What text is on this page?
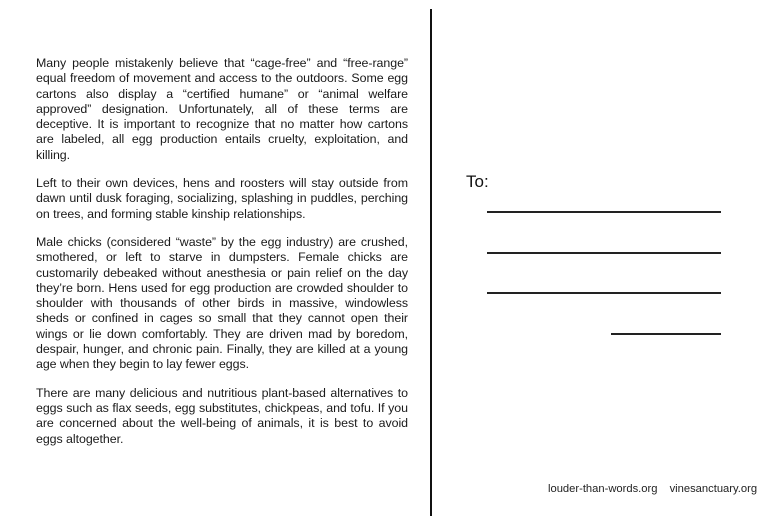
Many people mistakenly believe that “cage-free” and “free-range” equal freedom of movement and access to the outdoors. Some egg cartons also display a “certified humane” or “animal welfare approved” designation. Unfortunately, all of these terms are deceptive. It is important to recognize that no matter how cartons are labeled, all egg production entails cruelty, exploitation, and killing.

Left to their own devices, hens and roosters will stay outside from dawn until dusk foraging, socializing, splashing in puddles, perching on trees, and forming stable kinship relationships.

Male chicks (considered “waste” by the egg industry) are crushed, smothered, or left to starve in dumpsters. Female chicks are customarily debeaked without anesthesia or pain relief on the day they’re born. Hens used for egg production are crowded shoulder to shoulder with thousands of other birds in massive, windowless sheds or confined in cages so small that they cannot open their wings or lie down comfortably. They are driven mad by boredom, despair, hunger, and chronic pain. Finally, they are killed at a young age when they begin to lay fewer eggs.

There are many delicious and nutritious plant-based alternatives to eggs such as flax seeds, egg substitutes, chickpeas, and tofu. If you are concerned about the well-being of animals, it is best to avoid eggs altogether.

To:
louder-than-words.org vinesanctuary.org
